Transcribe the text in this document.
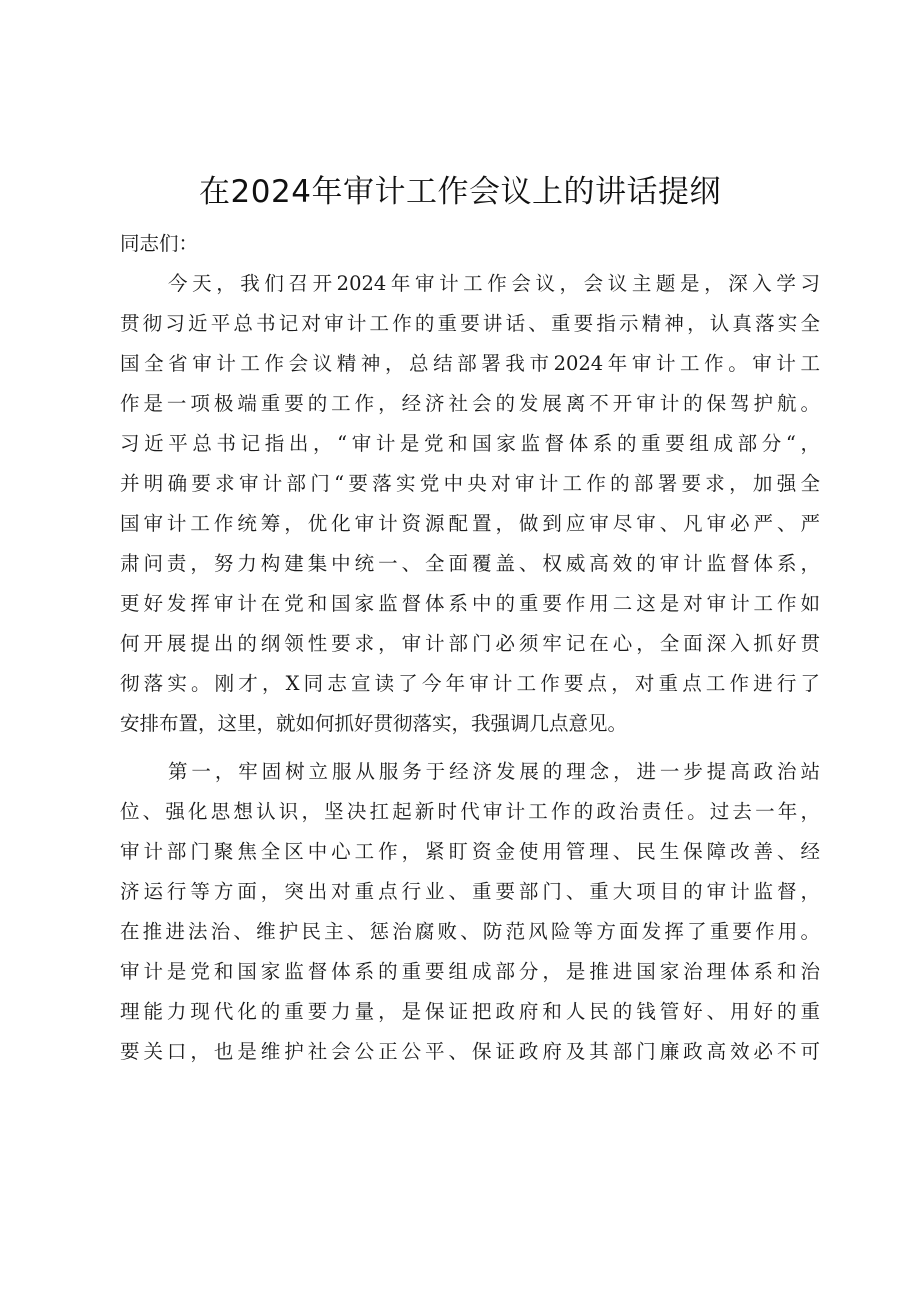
在2024年审计工作会议上的讲话提纲

同志们：

今天，我们召开2024年审计工作会议，会议主题是，深入学习

贯彻习近平总书记对审计工作的重要讲话、重要指示精神，认真落实全

国全省审计工作会议精神，总结部署我市2024年审计工作。审计工

作是一项极端重要的工作，经济社会的发展离不开审计的保驾护航。

习近平总书记指出，“审计是党和国家监督体系的重要组成部分“，

并明确要求审计部门“要落实党中央对审计工作的部署要求，加强全

国审计工作统筹，优化审计资源配置，做到应审尽审、凡审必严、严

肃问责，努力构建集中统一、全面覆盖、权威高效的审计监督体系，

更好发挥审计在党和国家监督体系中的重要作用二这是对审计工作如

何开展提出的纲领性要求，审计部门必须牢记在心，全面深入抓好贯

彻落实。刚才，X同志宣读了今年审计工作要点，对重点工作进行了

安排布置，这里，就如何抓好贯彻落实，我强调几点意见。

第一，牢固树立服从服务于经济发展的理念，进一步提高政治站

位、强化思想认识，坚决扛起新时代审计工作的政治责任。过去一年，

审计部门聚焦全区中心工作，紧盯资金使用管理、民生保障改善、经

济运行等方面，突出对重点行业、重要部门、重大项目的审计监督，

在推进法治、维护民主、惩治腐败、防范风险等方面发挥了重要作用。

审计是党和国家监督体系的重要组成部分，是推进国家治理体系和治

理能力现代化的重要力量，是保证把政府和人民的钱管好、用好的重

要关口，也是维护社会公正公平、保证政府及其部门廉政高效必不可
